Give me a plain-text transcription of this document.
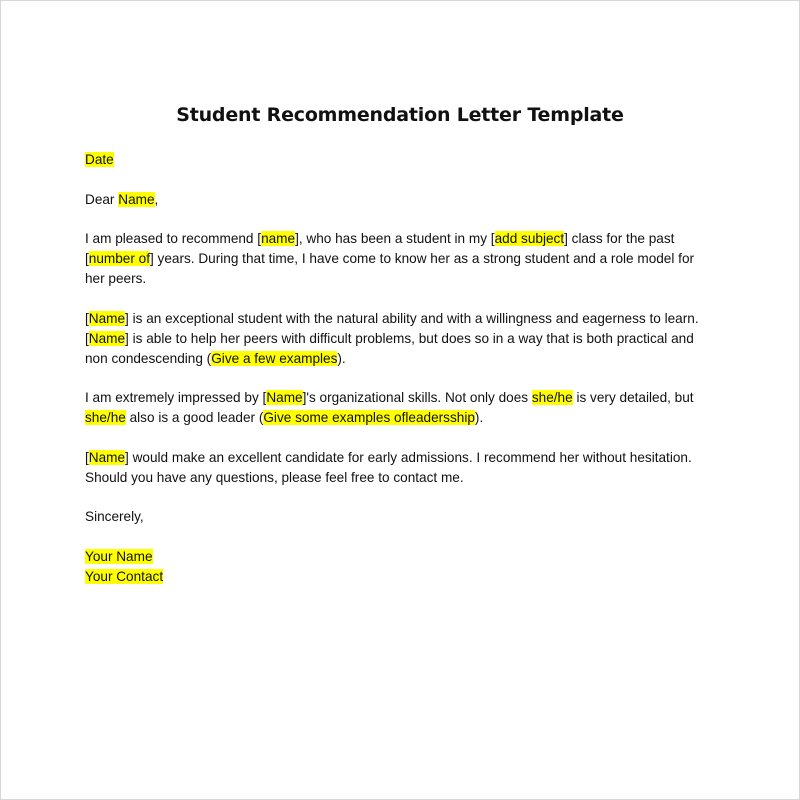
Student Recommendation Letter Template
Date
Dear Name,
I am pleased to recommend [name], who has been a student in my [add subject] class for the past
[number of] years. During that time, I have come to know her as a strong student and a role model for
her peers.
[Name] is an exceptional student with the natural ability and with a willingness and eagerness to learn.
[Name] is able to help her peers with difficult problems, but does so in a way that is both practical and
non condescending (Give a few examples).
I am extremely impressed by [Name]'s organizational skills. Not only does she/he is very detailed, but
she/he also is a good leader (Give some examples ofleadersship).
[Name] would make an excellent candidate for early admissions. I recommend her without hesitation.
Should you have any questions, please feel free to contact me.
Sincerely,
Your Name
Your Contact
